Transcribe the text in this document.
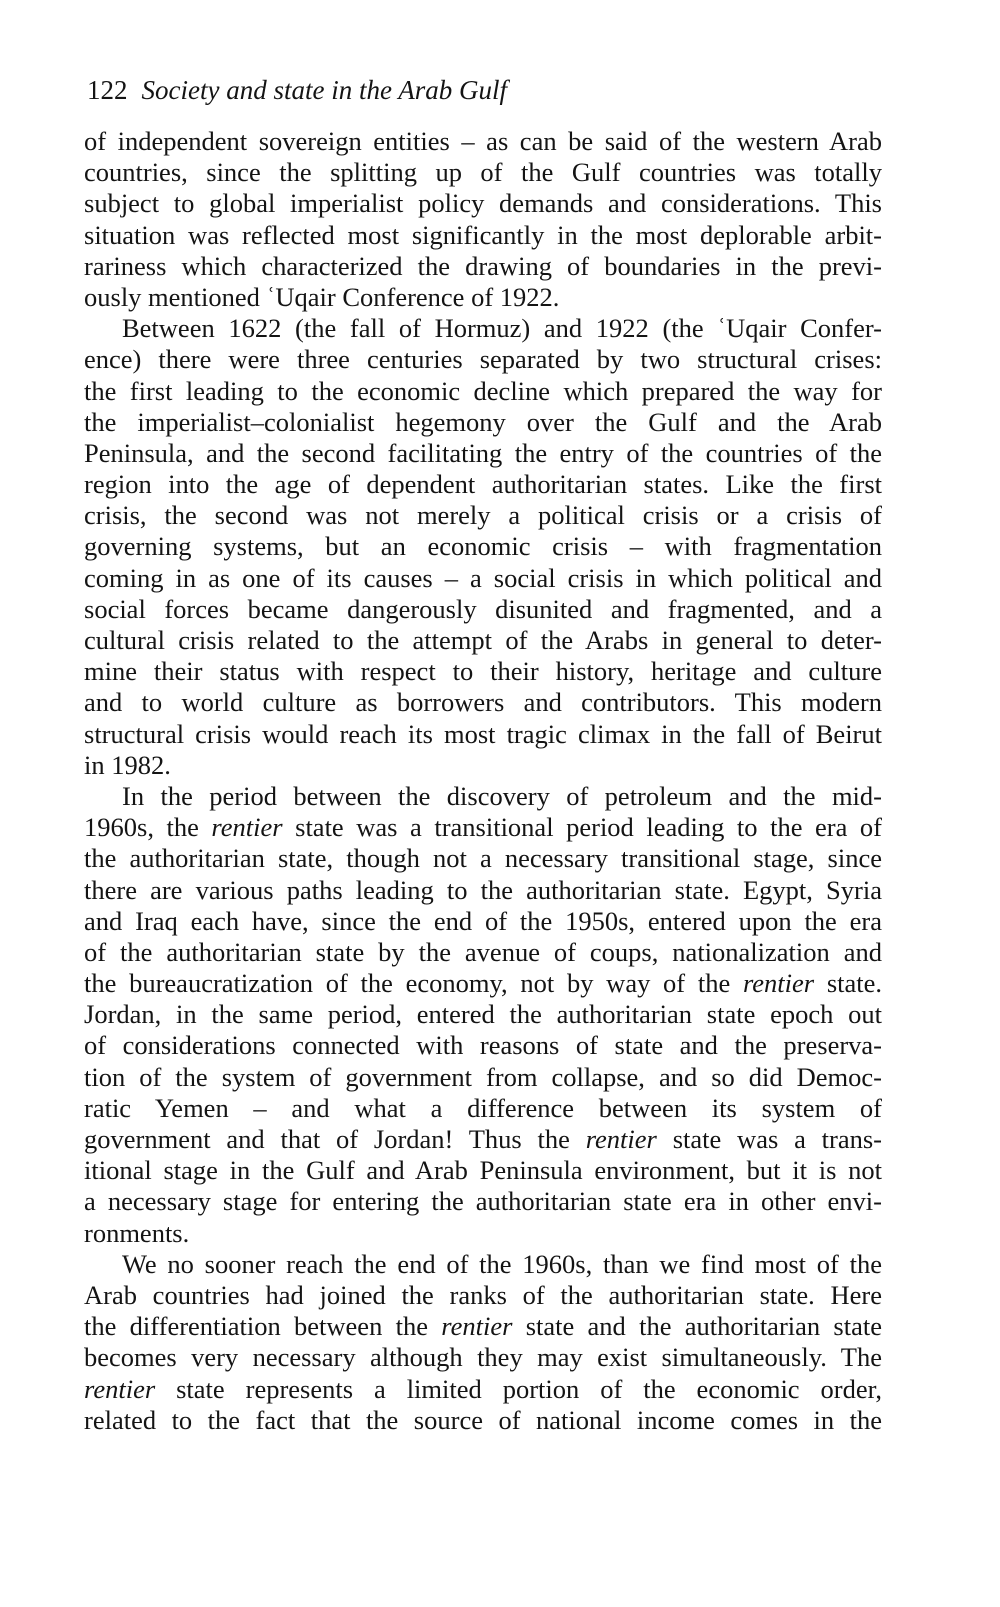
122 Society and state in the Arab Gulf
of independent sovereign entities – as can be said of the western Arab
countries, since the splitting up of the Gulf countries was totally
subject to global imperialist policy demands and considerations. This
situation was reflected most significantly in the most deplorable arbit-
rariness which characterized the drawing of boundaries in the previ-
ously mentioned ʿUqair Conference of 1922.
Between 1622 (the fall of Hormuz) and 1922 (the ʿUqair Confer-
ence) there were three centuries separated by two structural crises:
the first leading to the economic decline which prepared the way for
the imperialist–colonialist hegemony over the Gulf and the Arab
Peninsula, and the second facilitating the entry of the countries of the
region into the age of dependent authoritarian states. Like the first
crisis, the second was not merely a political crisis or a crisis of
governing systems, but an economic crisis – with fragmentation
coming in as one of its causes – a social crisis in which political and
social forces became dangerously disunited and fragmented, and a
cultural crisis related to the attempt of the Arabs in general to deter-
mine their status with respect to their history, heritage and culture
and to world culture as borrowers and contributors. This modern
structural crisis would reach its most tragic climax in the fall of Beirut
in 1982.
In the period between the discovery of petroleum and the mid-
1960s, the rentier state was a transitional period leading to the era of
the authoritarian state, though not a necessary transitional stage, since
there are various paths leading to the authoritarian state. Egypt, Syria
and Iraq each have, since the end of the 1950s, entered upon the era
of the authoritarian state by the avenue of coups, nationalization and
the bureaucratization of the economy, not by way of the rentier state.
Jordan, in the same period, entered the authoritarian state epoch out
of considerations connected with reasons of state and the preserva-
tion of the system of government from collapse, and so did Democ-
ratic Yemen – and what a difference between its system of
government and that of Jordan! Thus the rentier state was a trans-
itional stage in the Gulf and Arab Peninsula environment, but it is not
a necessary stage for entering the authoritarian state era in other envi-
ronments.
We no sooner reach the end of the 1960s, than we find most of the
Arab countries had joined the ranks of the authoritarian state. Here
the differentiation between the rentier state and the authoritarian state
becomes very necessary although they may exist simultaneously. The
rentier state represents a limited portion of the economic order,
related to the fact that the source of national income comes in the
